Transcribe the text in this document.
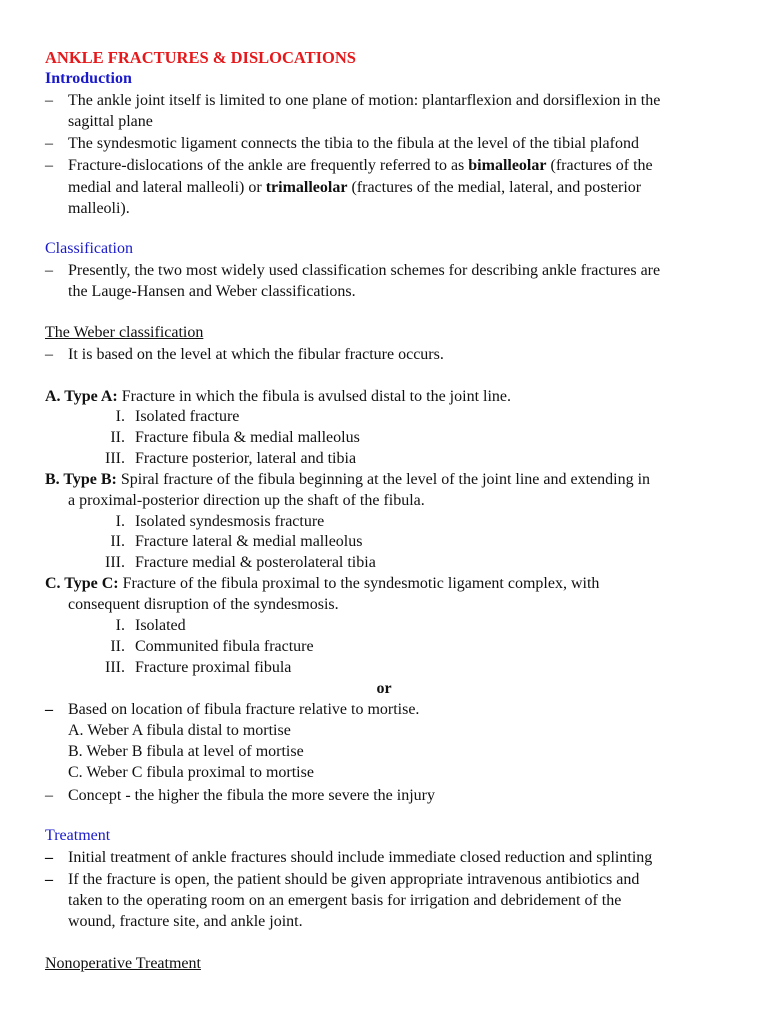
ANKLE FRACTURES & DISLOCATIONS
Introduction
– The ankle joint itself is limited to one plane of motion: plantarflexion and dorsiflexion in the
sagittal plane
– The syndesmotic ligament connects the tibia to the fibula at the level of the tibial plafond
– Fracture-dislocations of the ankle are frequently referred to as bimalleolar (fractures of the
medial and lateral malleoli) or trimalleolar (fractures of the medial, lateral, and posterior
malleoli).
Classification
– Presently, the two most widely used classification schemes for describing ankle fractures are
the Lauge-Hansen and Weber classifications.
The Weber classification
– It is based on the level at which the fibular fracture occurs.
A. Type A: Fracture in which the fibula is avulsed distal to the joint line.
I. Isolated fracture
II. Fracture fibula & medial malleolus
III. Fracture posterior, lateral and tibia
B. Type B: Spiral fracture of the fibula beginning at the level of the joint line and extending in
a proximal-posterior direction up the shaft of the fibula.
I. Isolated syndesmosis fracture
II. Fracture lateral & medial malleolus
III. Fracture medial & posterolateral tibia
C. Type C: Fracture of the fibula proximal to the syndesmotic ligament complex, with
consequent disruption of the syndesmosis.
I. Isolated
II. Communited fibula fracture
III. Fracture proximal fibula
or
– Based on location of fibula fracture relative to mortise.
A. Weber A fibula distal to mortise
B. Weber B fibula at level of mortise
C. Weber C fibula proximal to mortise
– Concept - the higher the fibula the more severe the injury
Treatment
– Initial treatment of ankle fractures should include immediate closed reduction and splinting
– If the fracture is open, the patient should be given appropriate intravenous antibiotics and
taken to the operating room on an emergent basis for irrigation and debridement of the
wound, fracture site, and ankle joint.
Nonoperative Treatment
